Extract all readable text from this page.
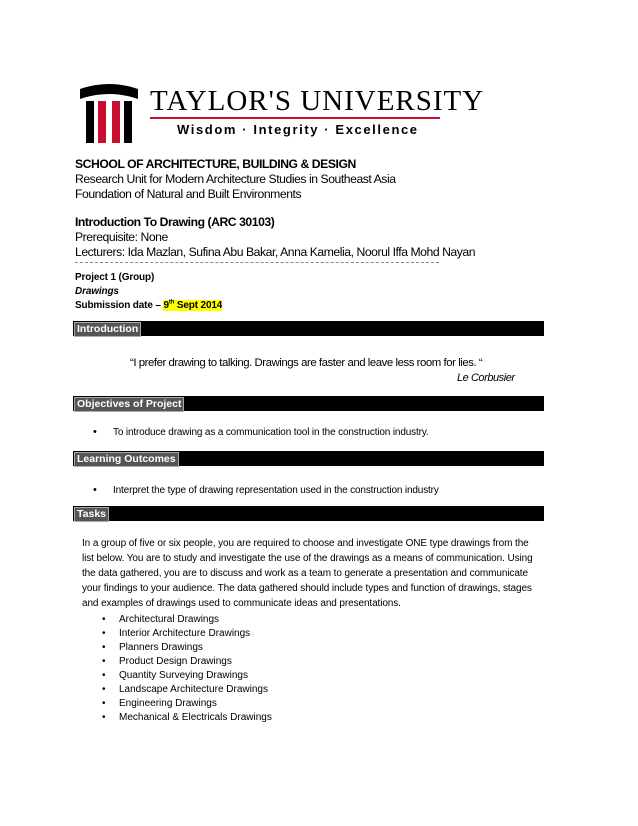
TAYLOR'S UNIVERSITY
Wisdom · Integrity · Excellence
SCHOOL OF ARCHITECTURE, BUILDING & DESIGN
Research Unit for Modern Architecture Studies in Southeast Asia
Foundation of Natural and Built Environments
Introduction To Drawing (ARC 30103)
Prerequisite: None
Lecturers: Ida Mazlan, Sufina Abu Bakar, Anna Kamelia, Noorul Iffa Mohd Nayan
Project 1 (Group)
Drawings
Submission date – 9th Sept 2014
Introduction
“I prefer drawing to talking. Drawings are faster and leave less room for lies. “
Le Corbusier
Objectives of Project
• To introduce drawing as a communication tool in the construction industry.
Learning Outcomes
• Interpret the type of drawing representation used in the construction industry
Tasks
In a group of five or six people, you are required to choose and investigate ONE type drawings from the list below. You are to study and investigate the use of the drawings as a means of communication. Using the data gathered, you are to discuss and work as a team to generate a presentation and communicate your findings to your audience. The data gathered should include types and function of drawings, stages and examples of drawings used to communicate ideas and presentations.
• Architectural Drawings
• Interior Architecture Drawings
• Planners Drawings
• Product Design Drawings
• Quantity Surveying Drawings
• Landscape Architecture Drawings
• Engineering Drawings
• Mechanical & Electricals Drawings
